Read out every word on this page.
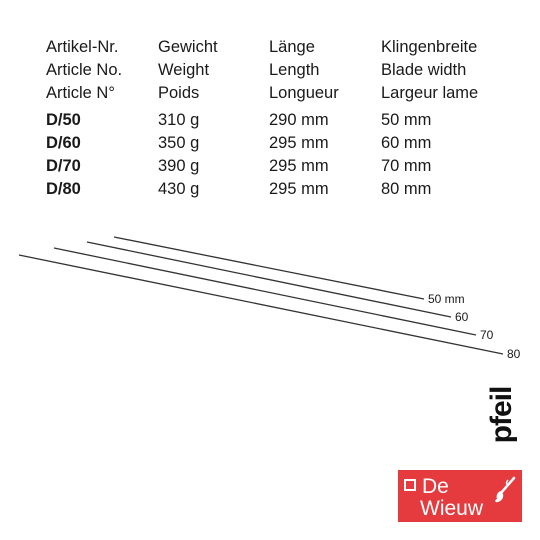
Artikel-Nr.	Gewicht	Länge	Klingenbreite
Article No.	Weight	Length	Blade width
Article N°	Poids	Longueur	Largeur lame
D/50	310 g	290 mm	50 mm
D/60	350 g	295 mm	60 mm
D/70	390 g	295 mm	70 mm
D/80	430 g	295 mm	80 mm
50 mm
60
70
80
pfeil
De
Wieuw
